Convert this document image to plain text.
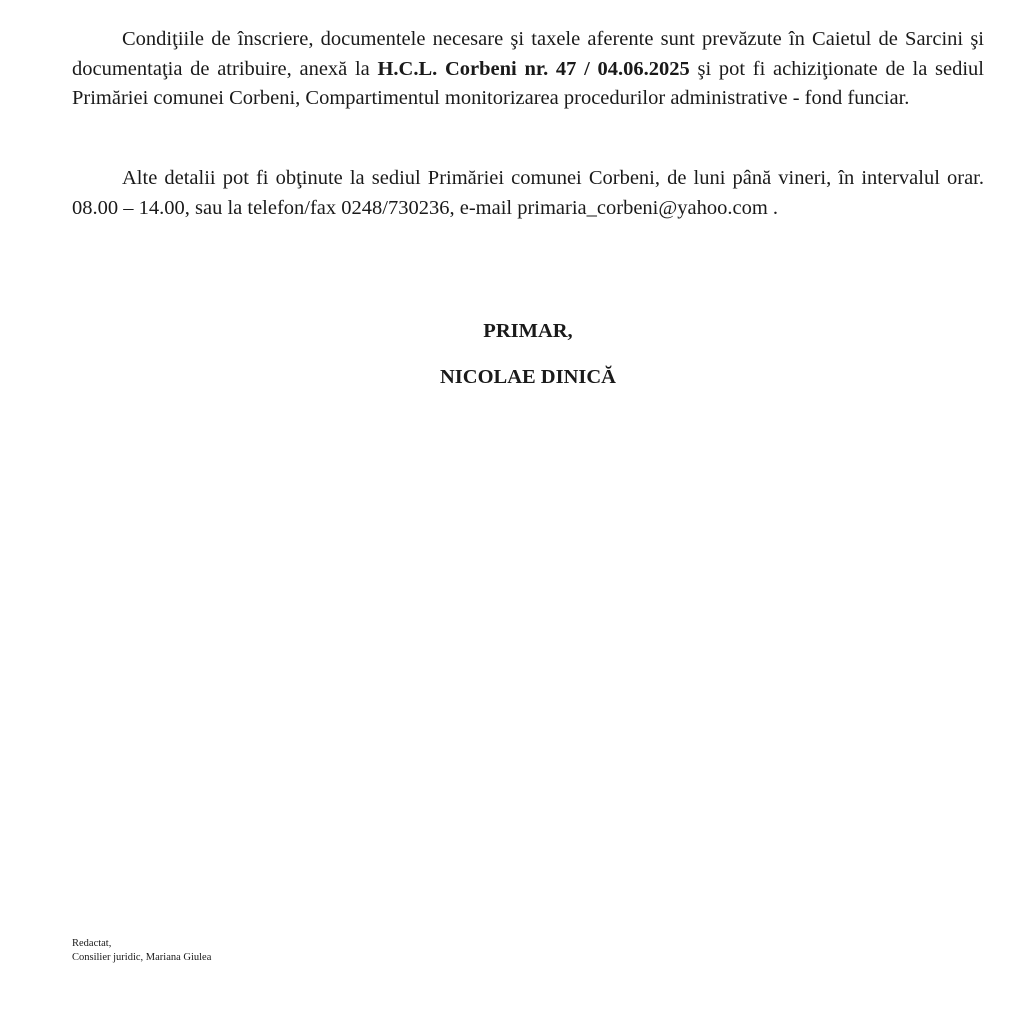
Condiţiile de înscriere, documentele necesare şi taxele aferente sunt prevăzute în Caietul de Sarcini şi documentaţia de atribuire, anexă la H.C.L. Corbeni nr. 47 / 04.06.2025 şi pot fi achiziţionate de la sediul Primăriei comunei Corbeni, Compartimentul monitorizarea procedurilor administrative - fond funciar.

Alte detalii pot fi obţinute la sediul Primăriei comunei Corbeni, de luni până vineri, în intervalul orar. 08.00 – 14.00, sau la telefon/fax 0248/730236, e-mail primaria_corbeni@yahoo.com .

PRIMAR,
NICOLAE DINICĂ
Redactat,
Consilier juridic, Mariana Giulea
